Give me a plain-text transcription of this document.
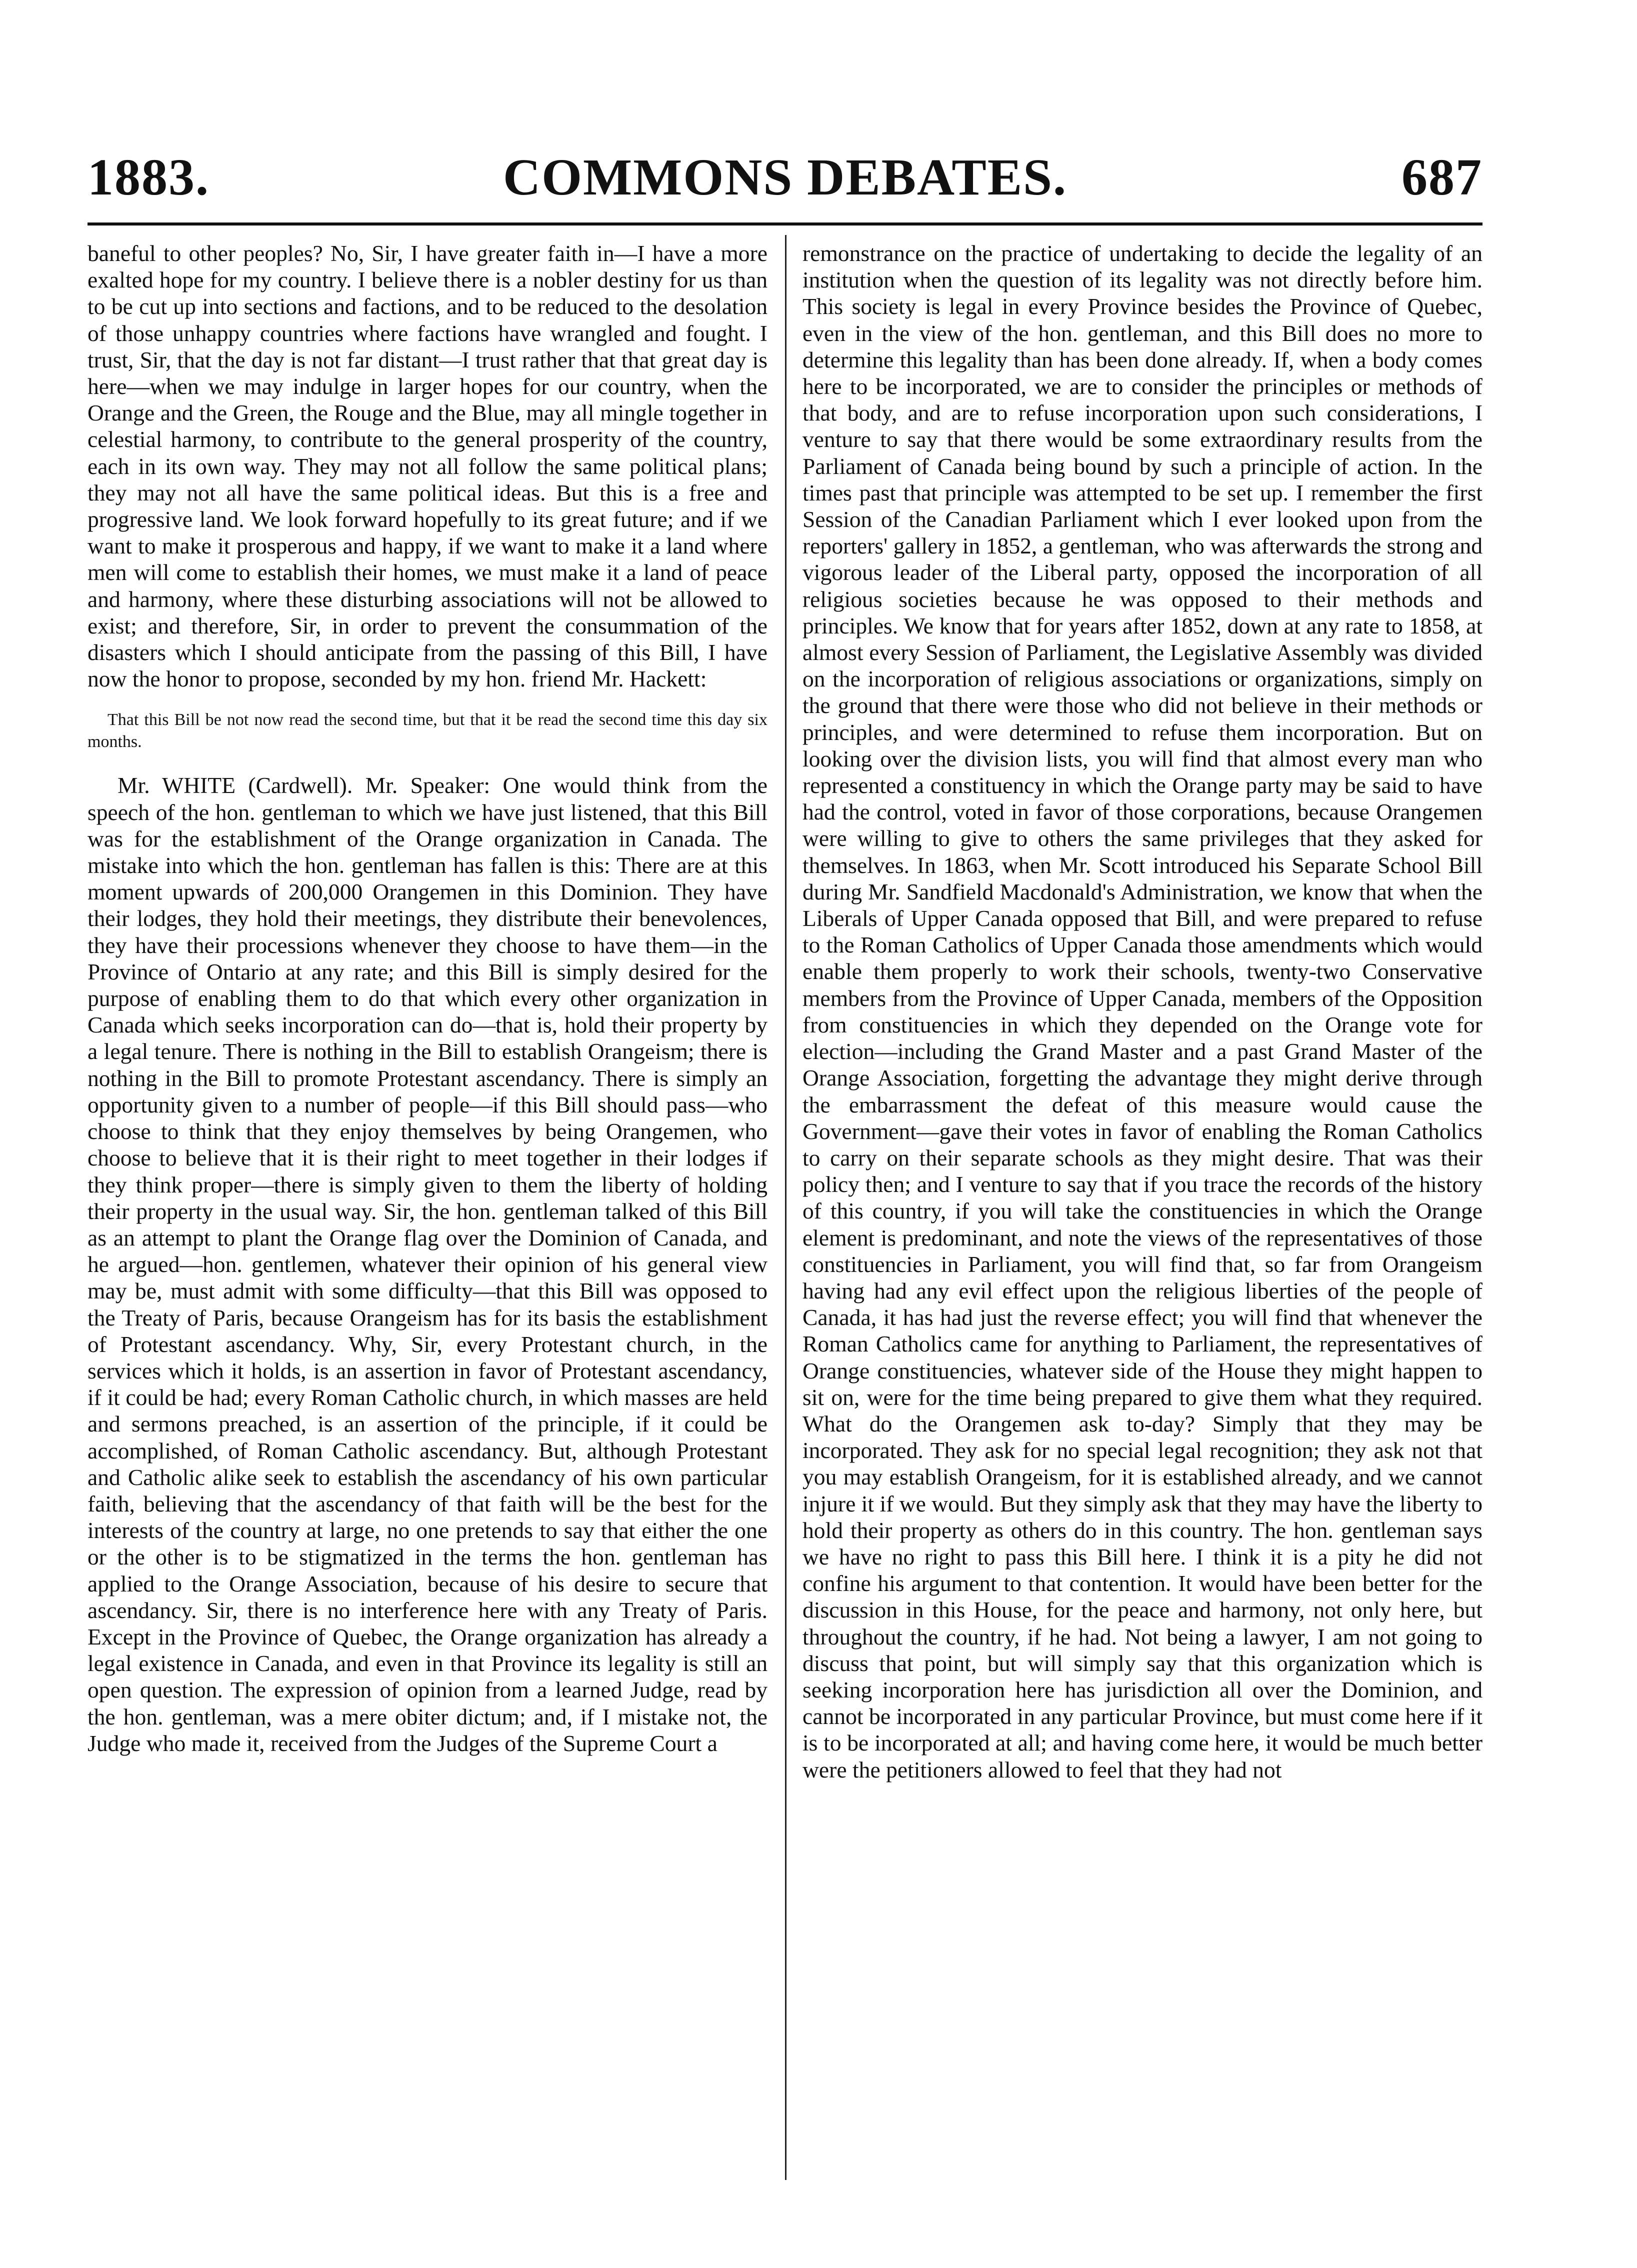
1883.	COMMONS DEBATES.	687

baneful to other peoples? No, Sir, I have greater faith in—I have a more exalted hope for my country. I believe there is a nobler destiny for us than to be cut up into sections and factions, and to be reduced to the desolation of those unhappy countries where factions have wrangled and fought. I trust, Sir, that the day is not far distant—I trust rather that that great day is here—when we may indulge in larger hopes for our country, when the Orange and the Green, the Rouge and the Blue, may all mingle together in celestial harmony, to contribute to the general prosperity of the country, each in its own way. They may not all follow the same political plans; they may not all have the same political ideas. But this is a free and progressive land. We look forward hopefully to its great future; and if we want to make it prosperous and happy, if we want to make it a land where men will come to establish their homes, we must make it a land of peace and harmony, where these disturbing associations will not be allowed to exist; and therefore, Sir, in order to prevent the consummation of the disasters which I should anticipate from the passing of this Bill, I have now the honor to propose, seconded by my hon. friend Mr. Hackett:

That this Bill be not now read the second time, but that it be read the second time this day six months.

Mr. WHITE (Cardwell). Mr. Speaker: One would think from the speech of the hon. gentleman to which we have just listened, that this Bill was for the establishment of the Orange organization in Canada. The mistake into which the hon. gentleman has fallen is this: There are at this moment upwards of 200,000 Orangemen in this Dominion. They have their lodges, they hold their meetings, they distribute their benevolences, they have their processions whenever they choose to have them—in the Province of Ontario at any rate; and this Bill is simply desired for the purpose of enabling them to do that which every other organization in Canada which seeks incorporation can do—that is, hold their property by a legal tenure. There is nothing in the Bill to establish Orangeism; there is nothing in the Bill to promote Protestant ascendancy. There is simply an opportunity given to a number of people—if this Bill should pass—who choose to think that they enjoy themselves by being Orangemen, who choose to believe that it is their right to meet together in their lodges if they think proper—there is simply given to them the liberty of holding their property in the usual way. Sir, the hon. gentleman talked of this Bill as an attempt to plant the Orange flag over the Dominion of Canada, and he argued—hon. gentlemen, whatever their opinion of his general view may be, must admit with some difficulty—that this Bill was opposed to the Treaty of Paris, because Orangeism has for its basis the establishment of Protestant ascendancy. Why, Sir, every Protestant church, in the services which it holds, is an assertion in favor of Protestant ascendancy, if it could be had; every Roman Catholic church, in which masses are held and sermons preached, is an assertion of the principle, if it could be accomplished, of Roman Catholic ascendancy. But, although Protestant and Catholic alike seek to establish the ascendancy of his own particular faith, believing that the ascendancy of that faith will be the best for the interests of the country at large, no one pretends to say that either the one or the other is to be stigmatized in the terms the hon. gentleman has applied to the Orange Association, because of his desire to secure that ascendancy. Sir, there is no interference here with any Treaty of Paris. Except in the Province of Quebec, the Orange organization has already a legal existence in Canada, and even in that Province its legality is still an open question. The expression of opinion from a learned Judge, read by the hon. gentleman, was a mere obiter dictum; and, if I mistake not, the Judge who made it, received from the Judges of the Supreme Court a

remonstrance on the practice of undertaking to decide the legality of an institution when the question of its legality was not directly before him. This society is legal in every Province besides the Province of Quebec, even in the view of the hon. gentleman, and this Bill does no more to determine this legality than has been done already. If, when a body comes here to be incorporated, we are to consider the principles or methods of that body, and are to refuse incorporation upon such considerations, I venture to say that there would be some extraordinary results from the Parliament of Canada being bound by such a principle of action. In the times past that principle was attempted to be set up. I remember the first Session of the Canadian Parliament which I ever looked upon from the reporters' gallery in 1852, a gentleman, who was afterwards the strong and vigorous leader of the Liberal party, opposed the incorporation of all religious societies because he was opposed to their methods and principles. We know that for years after 1852, down at any rate to 1858, at almost every Session of Parliament, the Legislative Assembly was divided on the incorporation of religious associations or organizations, simply on the ground that there were those who did not believe in their methods or principles, and were determined to refuse them incorporation. But on looking over the division lists, you will find that almost every man who represented a constituency in which the Orange party may be said to have had the control, voted in favor of those corporations, because Orangemen were willing to give to others the same privileges that they asked for themselves. In 1863, when Mr. Scott introduced his Separate School Bill during Mr. Sandfield Macdonald's Administration, we know that when the Liberals of Upper Canada opposed that Bill, and were prepared to refuse to the Roman Catholics of Upper Canada those amendments which would enable them properly to work their schools, twenty-two Conservative members from the Province of Upper Canada, members of the Opposition from constituencies in which they depended on the Orange vote for election—including the Grand Master and a past Grand Master of the Orange Association, forgetting the advantage they might derive through the embarrassment the defeat of this measure would cause the Government—gave their votes in favor of enabling the Roman Catholics to carry on their separate schools as they might desire. That was their policy then; and I venture to say that if you trace the records of the history of this country, if you will take the constituencies in which the Orange element is predominant, and note the views of the representatives of those constituencies in Parliament, you will find that, so far from Orangeism having had any evil effect upon the religious liberties of the people of Canada, it has had just the reverse effect; you will find that whenever the Roman Catholics came for anything to Parliament, the representatives of Orange constituencies, whatever side of the House they might happen to sit on, were for the time being prepared to give them what they required. What do the Orangemen ask to-day? Simply that they may be incorporated. They ask for no special legal recognition; they ask not that you may establish Orangeism, for it is established already, and we cannot injure it if we would. But they simply ask that they may have the liberty to hold their property as others do in this country. The hon. gentleman says we have no right to pass this Bill here. I think it is a pity he did not confine his argument to that contention. It would have been better for the discussion in this House, for the peace and harmony, not only here, but throughout the country, if he had. Not being a lawyer, I am not going to discuss that point, but will simply say that this organization which is seeking incorporation here has jurisdiction all over the Dominion, and cannot be incorporated in any particular Province, but must come here if it is to be incorporated at all; and having come here, it would be much better were the petitioners allowed to feel that they had not
